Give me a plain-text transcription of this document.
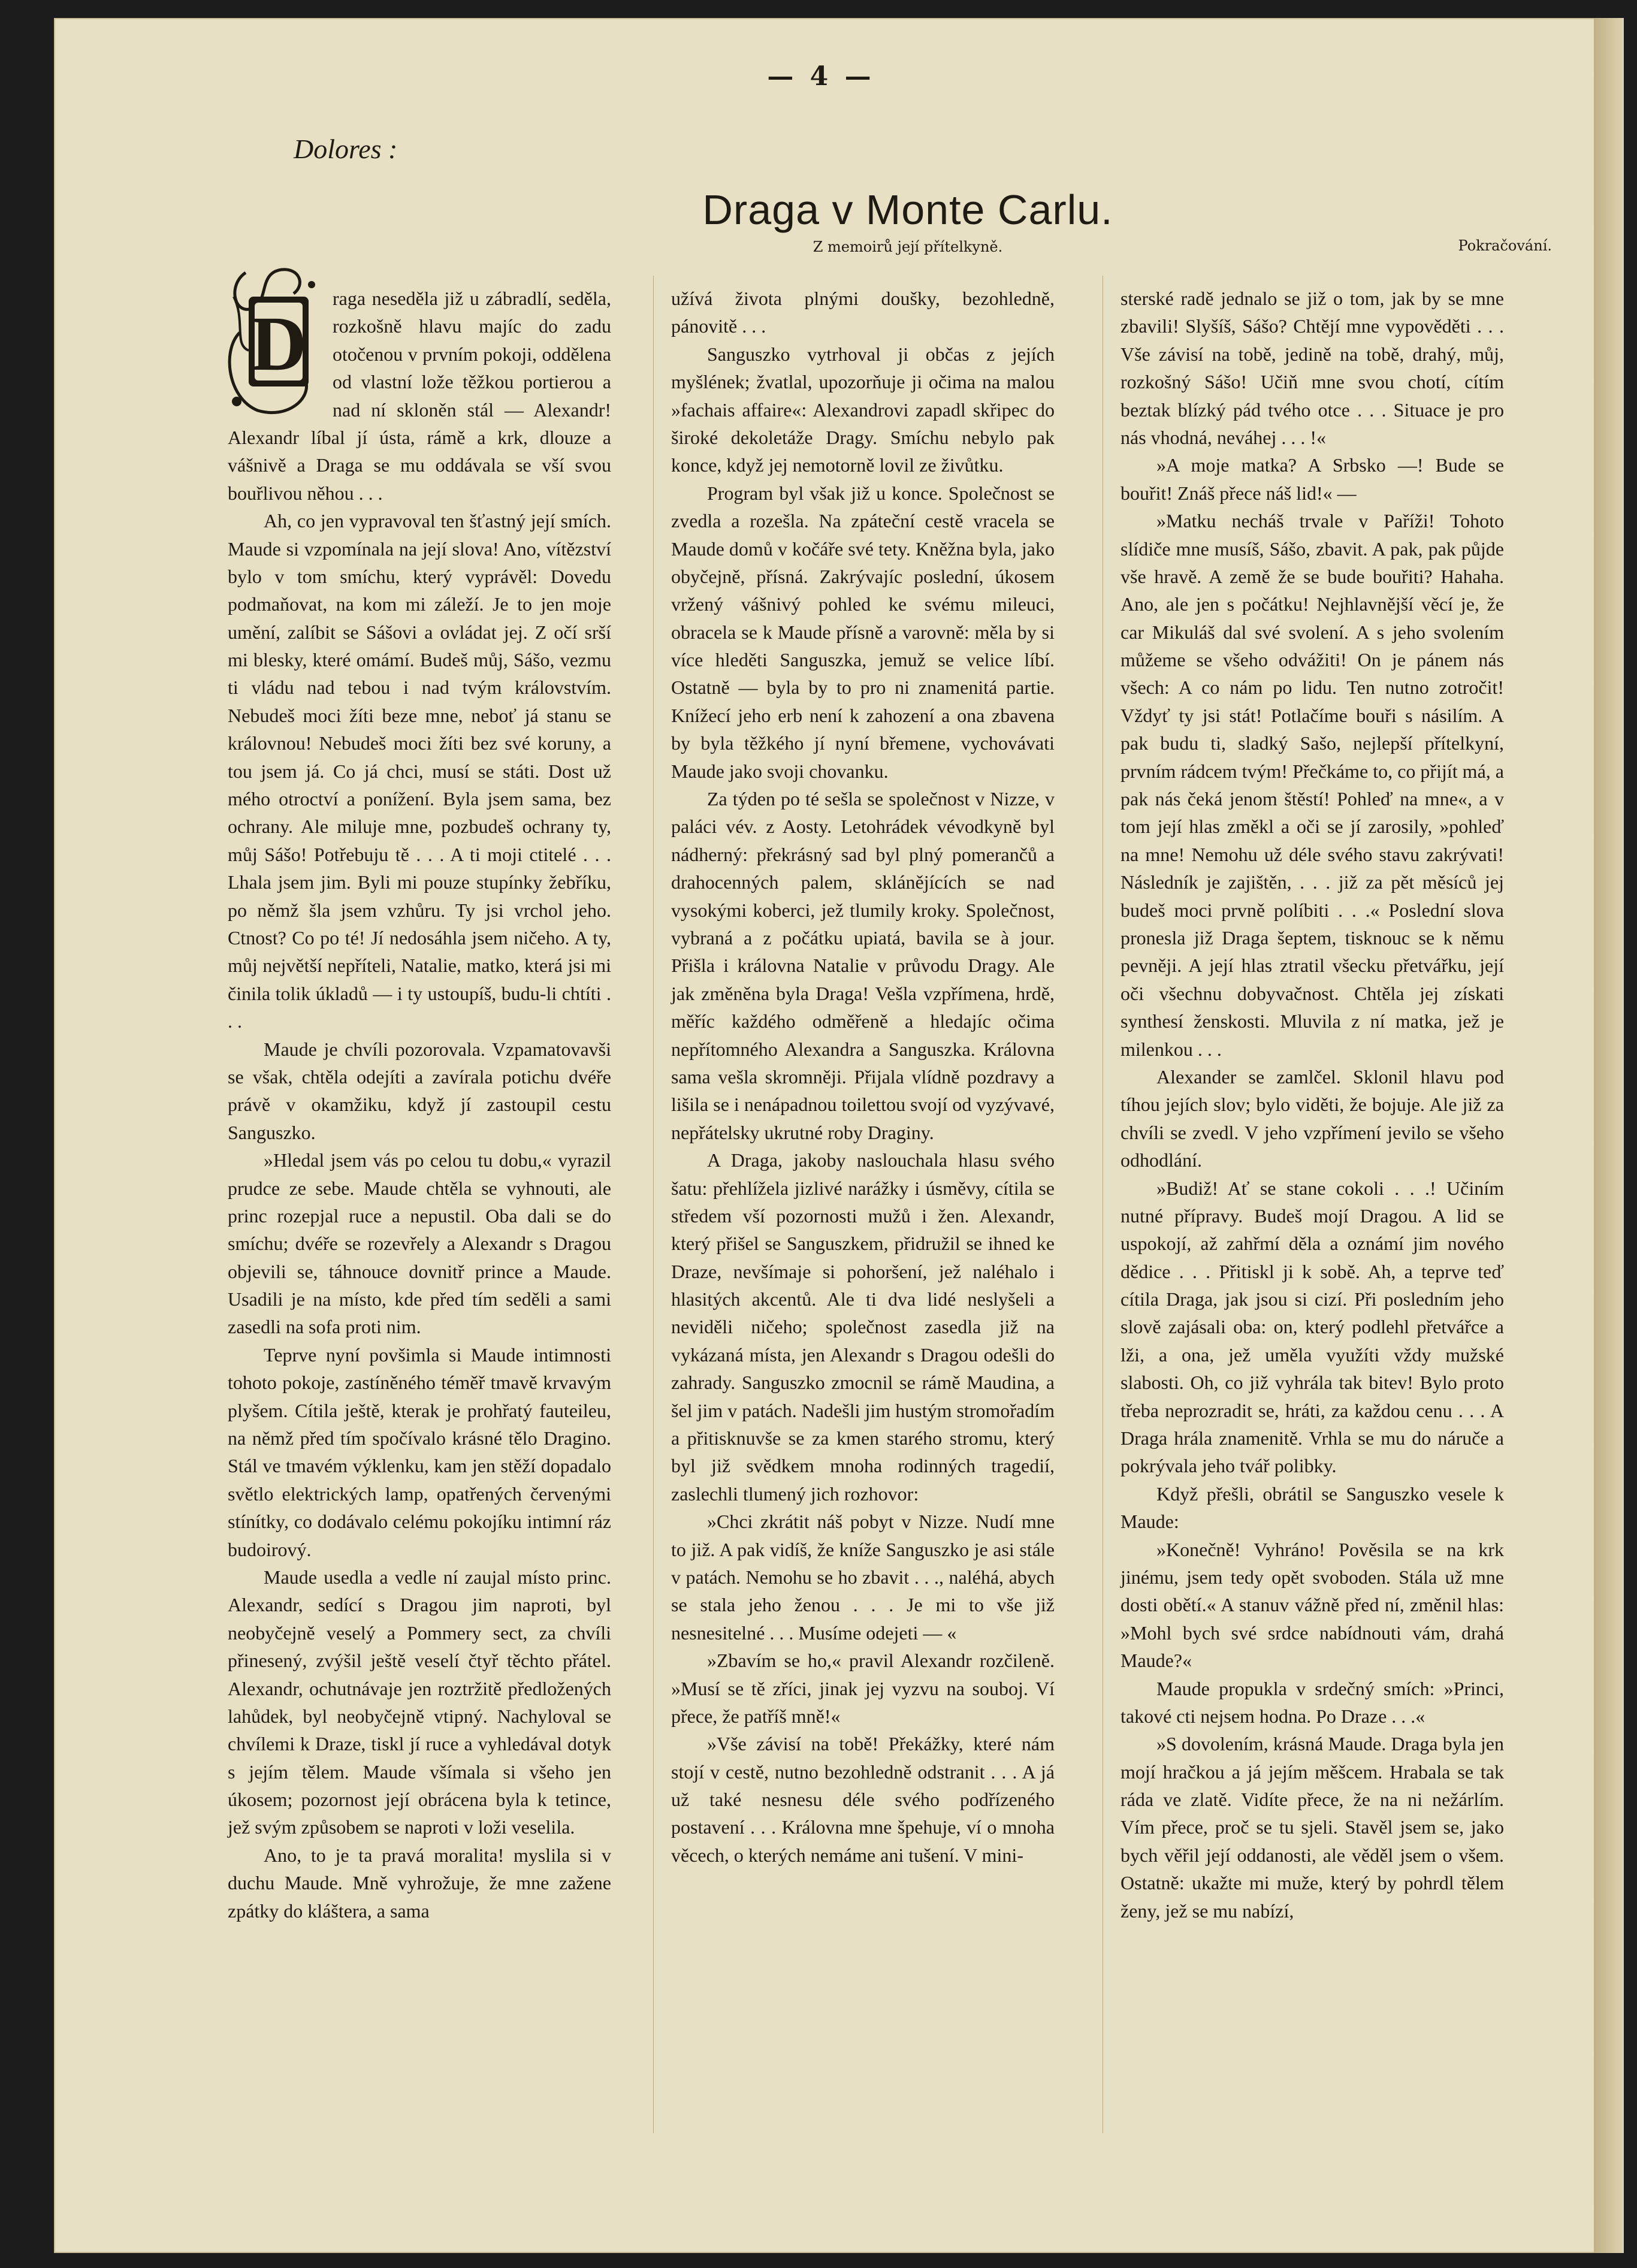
— 4 —
Dolores :
Draga v Monte Carlu.
Z memoirů její přítelkyně.	Pokračování.
D

raga neseděla již u zábradlí, seděla, rozkošně hlavu majíc do zadu otočenou v prvním pokoji, oddělena od vlastní lože těžkou portierou a nad ní skloněn stál — Alexandr! Alexandr líbal jí ústa, rámě a krk, dlouze a vášnivě a Draga se mu oddávala se vší svou bouřlivou něhou . . .

Ah, co jen vypravoval ten šťastný její smích. Maude si vzpomínala na její slova! Ano, vítězství bylo v tom smíchu, který vyprávěl: Dovedu podmaňovat, na kom mi záleží. Je to jen moje umění, zalíbit se Sášovi a ovládat jej. Z očí srší mi blesky, které omámí. Budeš můj, Sášo, vezmu ti vládu nad tebou i nad tvým královstvím. Nebudeš moci žíti beze mne, neboť já stanu se královnou! Nebudeš moci žíti bez své koruny, a tou jsem já. Co já chci, musí se státi. Dost už mého otroctví a ponížení. Byla jsem sama, bez ochrany. Ale miluje mne, pozbudeš ochrany ty, můj Sášo! Potřebuju tě . . . A ti moji ctitelé . . . Lhala jsem jim. Byli mi pouze stupínky žebříku, po němž šla jsem vzhůru. Ty jsi vrchol jeho. Ctnost? Co po té! Jí nedosáhla jsem ničeho. A ty, můj největší nepříteli, Natalie, matko, která jsi mi činila tolik úkladů — i ty ustoupíš, budu-li chtíti . . .

Maude je chvíli pozorovala. Vzpamatovavši se však, chtěla odejíti a zavírala potichu dvéře právě v okamžiku, když jí zastoupil cestu Sanguszko.

»Hledal jsem vás po celou tu dobu,« vyrazil prudce ze sebe. Maude chtěla se vyhnouti, ale princ rozepjal ruce a nepustil. Oba dali se do smíchu; dvéře se rozevřely a Alexandr s Dragou objevili se, táhnouce dovnitř prince a Maude. Usadili je na místo, kde před tím seděli a sami zasedli na sofa proti nim.

Teprve nyní povšimla si Maude intimnosti tohoto pokoje, zastíněného téměř tmavě krvavým plyšem. Cítila ještě, kterak je prohřatý fauteileu, na němž před tím spočívalo krásné tělo Dragino. Stál ve tmavém výklenku, kam jen stěží dopadalo světlo elektrických lamp, opatřených červenými stínítky, co dodávalo celému pokojíku intimní ráz budoirový.

Maude usedla a vedle ní zaujal místo princ. Alexandr, sedící s Dragou jim naproti, byl neobyčejně veselý a Pommery sect, za chvíli přinesený, zvýšil ještě veselí čtyř těchto přátel. Alexandr, ochutnávaje jen roztržitě předložených lahůdek, byl neobyčejně vtipný. Nachyloval se chvílemi k Draze, tiskl jí ruce a vyhledával dotyk s jejím tělem. Maude všímala si všeho jen úkosem; pozornost její obrácena byla k tetince, jež svým způsobem se naproti v loži veselila.

Ano, to je ta pravá moralita! myslila si v duchu Maude. Mně vyhrožuje, že mne zažene zpátky do kláštera, a sama

užívá života plnými doušky, bezohledně, pánovitě . . .

Sanguszko vytrhoval ji občas z jejích myšlének; žvatlal, upozorňuje ji očima na malou »fachais affaire«: Alexandrovi zapadl skřipec do široké dekoletáže Dragy. Smíchu nebylo pak konce, když jej nemotorně lovil ze živůtku.

Program byl však již u konce. Společnost se zvedla a rozešla. Na zpáteční cestě vracela se Maude domů v kočáře své tety. Kněžna byla, jako obyčejně, přísná. Zakrývajíc poslední, úkosem vržený vášnivý pohled ke svému mileuci, obracela se k Maude přísně a varovně: měla by si více hleděti Sanguszka, jemuž se velice líbí. Ostatně — byla by to pro ni znamenitá partie. Knížecí jeho erb není k zahození a ona zbavena by byla těžkého jí nyní břemene, vychovávati Maude jako svoji chovanku.

Za týden po té sešla se společnost v Nizze, v paláci vév. z Aosty. Letohrádek vévodkyně byl nádherný: překrásný sad byl plný pomerančů a drahocenných palem, sklánějících se nad vysokými koberci, jež tlumily kroky. Společnost, vybraná a z počátku upiatá, bavila se à jour. Přišla i královna Natalie v průvodu Dragy. Ale jak změněna byla Draga! Vešla vzpřímena, hrdě, měříc každého odměřeně a hledajíc očima nepřítomného Alexandra a Sanguszka. Královna sama vešla skromněji. Přijala vlídně pozdravy a lišila se i nenápadnou toilettou svojí od vyzývavé, nepřátelsky ukrutné roby Draginy.

A Draga, jakoby naslouchala hlasu svého šatu: přehlížela jizlivé narážky i úsměvy, cítila se středem vší pozornosti mužů i žen. Alexandr, který přišel se Sanguszkem, přidružil se ihned ke Draze, nevšímaje si pohoršení, jež naléhalo i hlasitých akcentů. Ale ti dva lidé neslyšeli a neviděli ničeho; společnost zasedla již na vykázaná místa, jen Alexandr s Dragou odešli do zahrady. Sanguszko zmocnil se rámě Maudina, a šel jim v patách. Nadešli jim hustým stromořadím a přitisknuvše se za kmen starého stromu, který byl již svědkem mnoha rodinných tragedií, zaslechli tlumený jich rozhovor:

»Chci zkrátit náš pobyt v Nizze. Nudí mne to již. A pak vidíš, že kníže Sanguszko je asi stále v patách. Nemohu se ho zbavit . . ., naléhá, abych se stala jeho ženou . . . Je mi to vše již nesnesitelné . . . Musíme odejeti — «

»Zbavím se ho,« pravil Alexandr rozčileně. »Musí se tě zříci, jinak jej vyzvu na souboj. Ví přece, že patříš mně!«

»Vše závisí na tobě! Překážky, které nám stojí v cestě, nutno bezohledně odstranit . . . A já už také nesnesu déle svého podřízeného postavení . . . Královna mne špehuje, ví o mnoha věcech, o kterých nemáme ani tušení. V mini-

sterské radě jednalo se již o tom, jak by se mne zbavili! Slyšíš, Sášo? Chtějí mne vypověděti . . . Vše závisí na tobě, jedině na tobě, drahý, můj, rozkošný Sášo! Učiň mne svou chotí, cítím beztak blízký pád tvého otce . . . Situace je pro nás vhodná, neváhej . . . !«

»A moje matka? A Srbsko —! Bude se bouřit! Znáš přece náš lid!« —

»Matku necháš trvale v Paříži! Tohoto slídiče mne musíš, Sášo, zbavit. A pak, pak půjde vše hravě. A země že se bude bouřiti? Hahaha. Ano, ale jen s počátku! Nejhlavnější věcí je, že car Mikuláš dal své svolení. A s jeho svolením můžeme se všeho odvážiti! On je pánem nás všech: A co nám po lidu. Ten nutno zotročit! Vždyť ty jsi stát! Potlačíme bouři s násilím. A pak budu ti, sladký Sašo, nejlepší přítelkyní, prvním rádcem tvým! Přečkáme to, co přijít má, a pak nás čeká jenom štěstí! Pohleď na mne«, a v tom její hlas změkl a oči se jí zarosily, »pohleď na mne! Nemohu už déle svého stavu zakrývati! Následník je zajištěn, . . . již za pět měsíců jej budeš moci prvně políbiti . . .« Poslední slova pronesla již Draga šeptem, tisknouc se k němu pevněji. A její hlas ztratil všecku přetvářku, její oči všechnu dobyvačnost. Chtěla jej získati synthesí ženskosti. Mluvila z ní matka, jež je milenkou . . .

Alexander se zamlčel. Sklonil hlavu pod tíhou jejích slov; bylo viděti, že bojuje. Ale již za chvíli se zvedl. V jeho vzpřímení jevilo se všeho odhodlání.

»Budiž! Ať se stane cokoli . . .! Učiním nutné přípravy. Budeš mojí Dragou. A lid se uspokojí, až zahřmí děla a oznámí jim nového dědice . . . Přitiskl ji k sobě. Ah, a teprve teď cítila Draga, jak jsou si cizí. Při posledním jeho slově zajásali oba: on, který podlehl přetvářce a lži, a ona, jež uměla využíti vždy mužské slabosti. Oh, co již vyhrála tak bitev! Bylo proto třeba neprozradit se, hráti, za každou cenu . . . A Draga hrála znamenitě. Vrhla se mu do náruče a pokrývala jeho tvář polibky.

Když přešli, obrátil se Sanguszko vesele k Maude:

»Konečně! Vyhráno! Pověsila se na krk jinému, jsem tedy opět svoboden. Stála už mne dosti obětí.« A stanuv vážně před ní, změnil hlas: »Mohl bych své srdce nabídnouti vám, drahá Maude?«

Maude propukla v srdečný smích: »Princi, takové cti nejsem hodna. Po Draze . . .«

»S dovolením, krásná Maude. Draga byla jen mojí hračkou a já jejím měšcem. Hrabala se tak ráda ve zlatě. Vidíte přece, že na ni nežárlím. Vím přece, proč se tu sjeli. Stavěl jsem se, jako bych věřil její oddanosti, ale věděl jsem o všem. Ostatně: ukažte mi muže, který by pohrdl tělem ženy, jež se mu nabízí,
